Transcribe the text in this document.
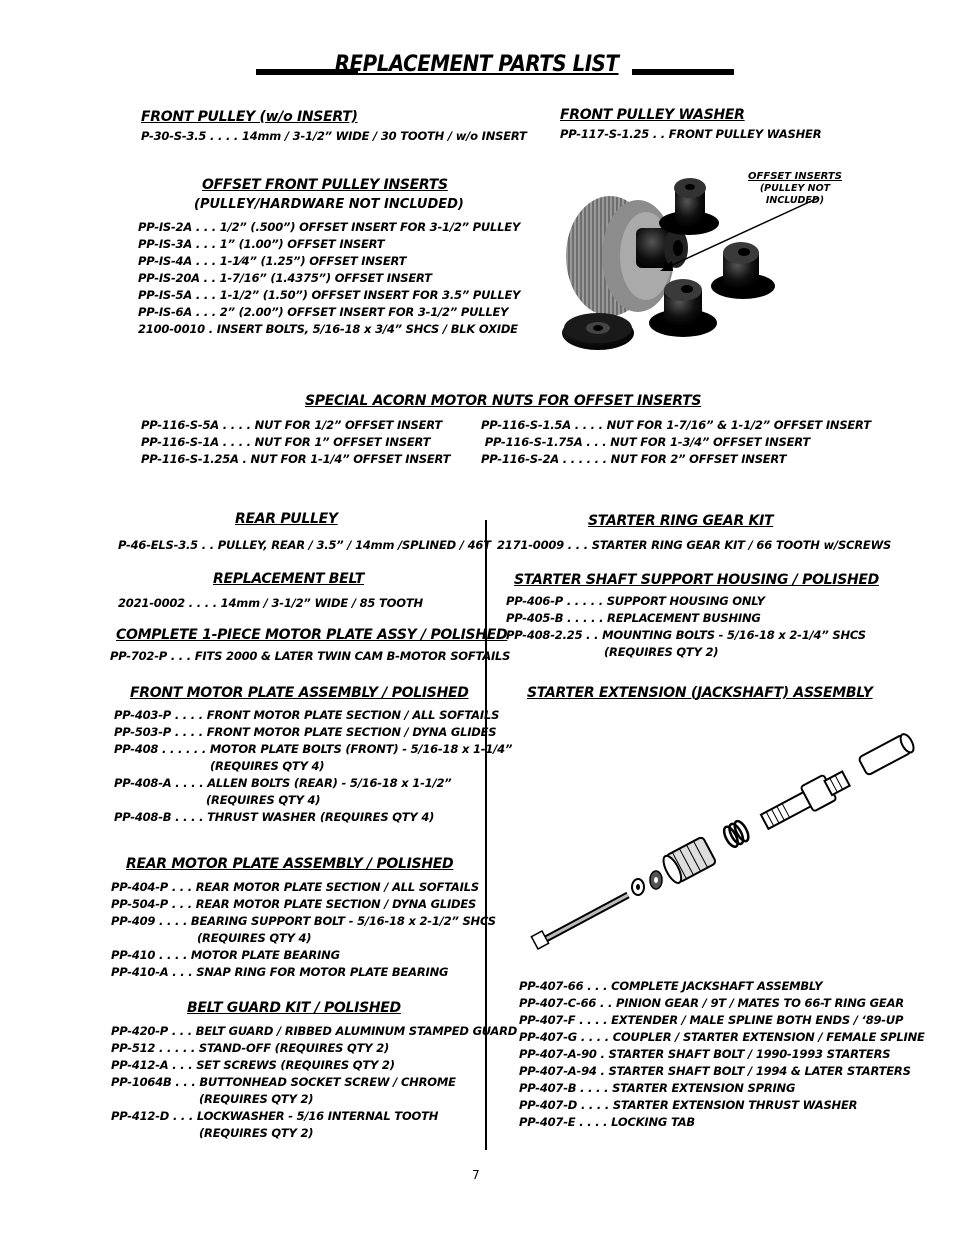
REPLACEMENT PARTS LIST
FRONT PULLEY (w/o INSERT)
P-30-S-3.5 . . . . 14mm / 3-1/2” WIDE / 30 TOOTH / w/o INSERT
FRONT PULLEY WASHER
PP-117-S-1.25 . . FRONT PULLEY WASHER
OFFSET FRONT PULLEY INSERTS
(PULLEY/HARDWARE NOT INCLUDED)
PP-IS-2A . . . 1/2” (.500”) OFFSET INSERT FOR 3-1/2” PULLEY
PP-IS-3A . . . 1” (1.00”) OFFSET INSERT
PP-IS-4A . . . 1-1⁄4” (1.25”) OFFSET INSERT
PP-IS-20A . . 1-7/16” (1.4375”) OFFSET INSERT
PP-IS-5A . . . 1-1/2” (1.50”) OFFSET INSERT FOR 3.5” PULLEY
PP-IS-6A . . . 2” (2.00”) OFFSET INSERT FOR 3-1/2” PULLEY
2100-0010 . INSERT BOLTS, 5/16-18 x 3/4” SHCS / BLK OXIDE
OFFSET INSERTS
(PULLEY NOT INCLUDED)
SPECIAL ACORN MOTOR NUTS FOR OFFSET INSERTS
PP-116-S-5A . . . . NUT FOR 1/2” OFFSET INSERT
PP-116-S-1A . . . . NUT FOR 1” OFFSET INSERT
PP-116-S-1.25A . NUT FOR 1-1/4” OFFSET INSERT
PP-116-S-1.5A . . . . NUT FOR 1-7/16” & 1-1/2” OFFSET INSERT
PP-116-S-1.75A . . . NUT FOR 1-3/4” OFFSET INSERT
PP-116-S-2A . . . . . . NUT FOR 2” OFFSET INSERT
REAR PULLEY
P-46-ELS-3.5 . . PULLEY, REAR / 3.5” / 14mm /SPLINED / 46T
REPLACEMENT BELT
2021-0002 . . . . 14mm / 3-1/2” WIDE / 85 TOOTH
COMPLETE 1-PIECE MOTOR PLATE ASSY / POLISHED
PP-702-P . . . FITS 2000 & LATER TWIN CAM B-MOTOR SOFTAILS
FRONT MOTOR PLATE ASSEMBLY / POLISHED
PP-403-P . . . . FRONT MOTOR PLATE SECTION / ALL SOFTAILS
PP-503-P . . . . FRONT MOTOR PLATE SECTION / DYNA GLIDES
PP-408 . . . . . . MOTOR PLATE BOLTS (FRONT) - 5/16-18 x 1-1/4”
(REQUIRES QTY 4)
PP-408-A . . . . ALLEN BOLTS (REAR) - 5/16-18 x 1-1/2”
(REQUIRES QTY 4)
PP-408-B . . . . THRUST WASHER (REQUIRES QTY 4)
REAR MOTOR PLATE ASSEMBLY / POLISHED
PP-404-P . . . REAR MOTOR PLATE SECTION / ALL SOFTAILS
PP-504-P . . . REAR MOTOR PLATE SECTION / DYNA GLIDES
PP-409 . . . . BEARING SUPPORT BOLT - 5/16-18 x 2-1/2” SHCS
(REQUIRES QTY 4)
PP-410 . . . . MOTOR PLATE BEARING
PP-410-A . . . SNAP RING FOR MOTOR PLATE BEARING
BELT GUARD KIT / POLISHED
PP-420-P . . . BELT GUARD / RIBBED ALUMINUM STAMPED GUARD
PP-512 . . . . . STAND-OFF (REQUIRES QTY 2)
PP-412-A . . . SET SCREWS (REQUIRES QTY 2)
PP-1064B . . . BUTTONHEAD SOCKET SCREW / CHROME
(REQUIRES QTY 2)
PP-412-D . . . LOCKWASHER - 5/16 INTERNAL TOOTH
(REQUIRES QTY 2)
STARTER RING GEAR KIT
2171-0009 . . . STARTER RING GEAR KIT / 66 TOOTH w/SCREWS
STARTER SHAFT SUPPORT HOUSING / POLISHED
PP-406-P . . . . . SUPPORT HOUSING ONLY
PP-405-B . . . . . REPLACEMENT BUSHING
PP-408-2.25 . . MOUNTING BOLTS - 5/16-18 x 2-1/4” SHCS
(REQUIRES QTY 2)
STARTER EXTENSION (JACKSHAFT) ASSEMBLY
PP-407-66 . . . COMPLETE JACKSHAFT ASSEMBLY
PP-407-C-66 . . PINION GEAR / 9T / MATES TO 66-T RING GEAR
PP-407-F . . . . EXTENDER / MALE SPLINE BOTH ENDS / ‘89-UP
PP-407-G . . . . COUPLER / STARTER EXTENSION / FEMALE SPLINE
PP-407-A-90 . STARTER SHAFT BOLT / 1990-1993 STARTERS
PP-407-A-94 . STARTER SHAFT BOLT / 1994 & LATER STARTERS
PP-407-B . . . . STARTER EXTENSION SPRING
PP-407-D . . . . STARTER EXTENSION THRUST WASHER
PP-407-E . . . . LOCKING TAB
7
